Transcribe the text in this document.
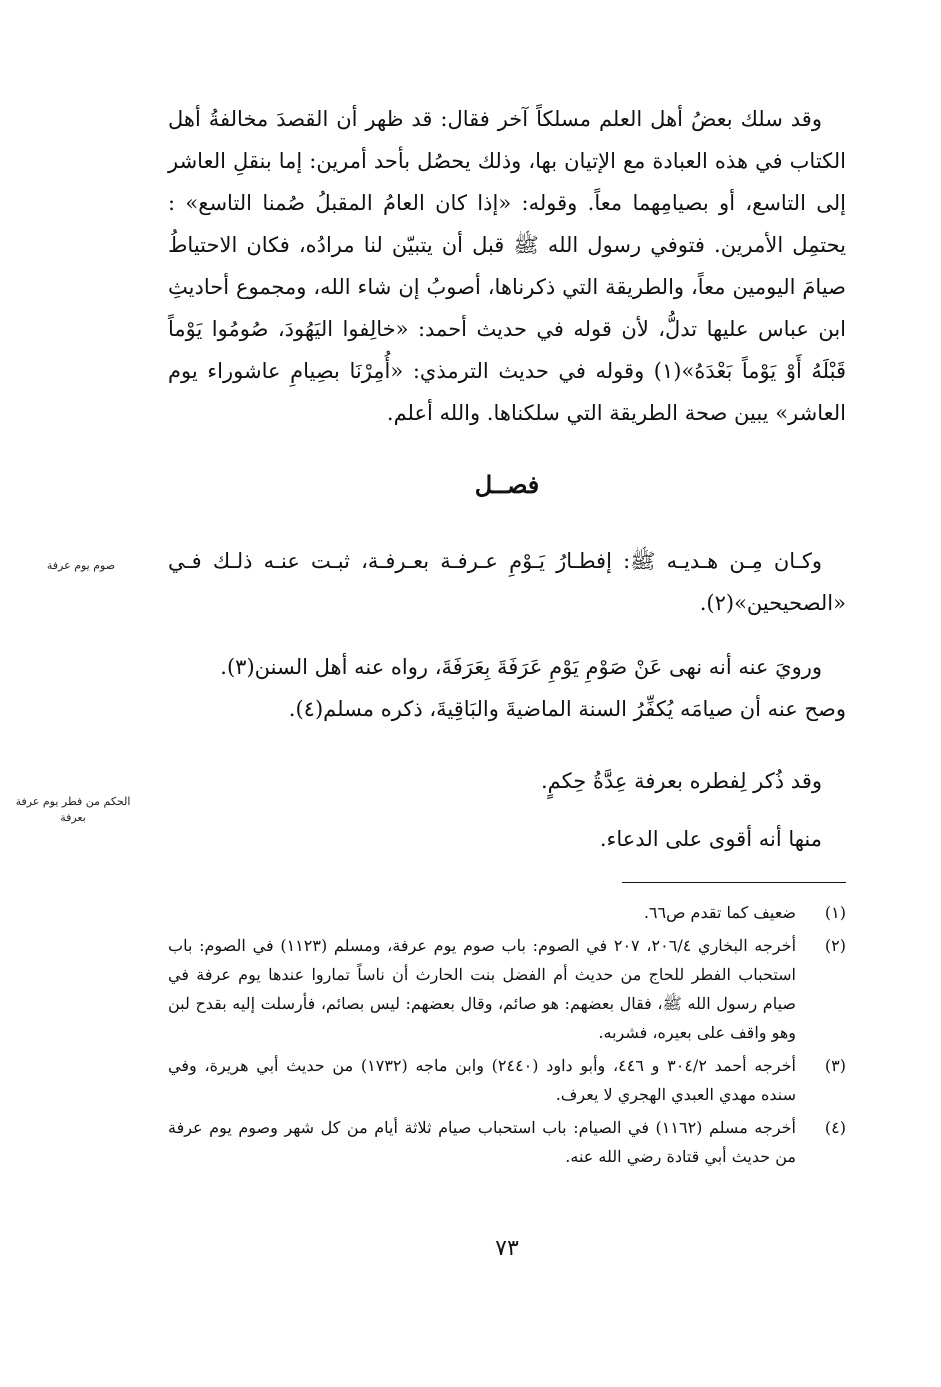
وقد سلك بعضُ أهل العلم مسلكاً آخر فقال: قد ظهر أن القصدَ مخالفةُ أهل الكتاب في هذه العبادة مع الإتيان بها، وذلك يحصُل بأحد أمرين: إما بنقلِ العاشر إلى التاسع، أو بصيامِهما معاً. وقوله: «إذا كان العامُ المقبلُ صُمنا التاسع» : يحتمِل الأمرين. فتوفي رسول الله ﷺ قبل أن يتبيّن لنا مرادُه، فكان الاحتياطُ صيامَ اليومين معاً، والطريقة التي ذكرناها، أصوبُ إن شاء الله، ومجموع أحاديثِ ابن عباس عليها تدلُّ، لأن قوله في حديث أحمد: «خالِفوا اليَهُودَ، صُومُوا يَوْماً قَبْلَهُ أَوْ يَوْماً بَعْدَهُ»(١) وقوله في حديث الترمذي: «أُمِرْنَا بصِيامِ عاشوراء يوم العاشر» يبين صحة الطريقة التي سلكناها. والله أعلم.

فصــل

وكـان مِـن هـديـه ﷺ: إفطـارُ يَـوْمِ عـرفـة بعـرفـة، ثبـت عنـه ذلـك فـي «الصحيحين»(٢).

ورويَ عنه أنه نهى عَنْ صَوْمِ يَوْمِ عَرَفَةَ بِعَرَفَةَ، رواه عنه أهل السنن(٣).

وصح عنه أن صيامَه يُكفِّرُ السنة الماضيةَ والبَاقِيةَ، ذكره مسلم(٤).

وقد ذُكر لِفطره بعرفة عِدَّةُ حِكمٍ.

منها أنه أقوى على الدعاء.

صوم يوم عرفة
الحكم من فطر يوم عرفة بعرفة
(١)
ضعيف كما تقدم ص٦٦.
(٢)
أخرجه البخاري ٢٠٦/٤، ٢٠٧ في الصوم: باب صوم يوم عرفة، ومسلم (١١٢٣) في الصوم: باب استحباب الفطر للحاج من حديث أم الفضل بنت الحارث أن ناساً تماروا عندها يوم عرفة في صيام رسول الله ﷺ، فقال بعضهم: هو صائم، وقال بعضهم: ليس بصائم، فأرسلت إليه بقدح لبن وهو واقف على بعيره، فشربه.
(٣)
أخرجه أحمد ٣٠٤/٢ و ٤٤٦، وأبو داود (٢٤٤٠) وابن ماجه (١٧٣٢) من حديث أبي هريرة، وفي سنده مهدي العبدي الهجري لا يعرف.
(٤)
أخرجه مسلم (١١٦٢) في الصيام: باب استحباب صيام ثلاثة أيام من كل شهر وصوم يوم عرفة من حديث أبي قتادة رضي الله عنه.
٧٣
